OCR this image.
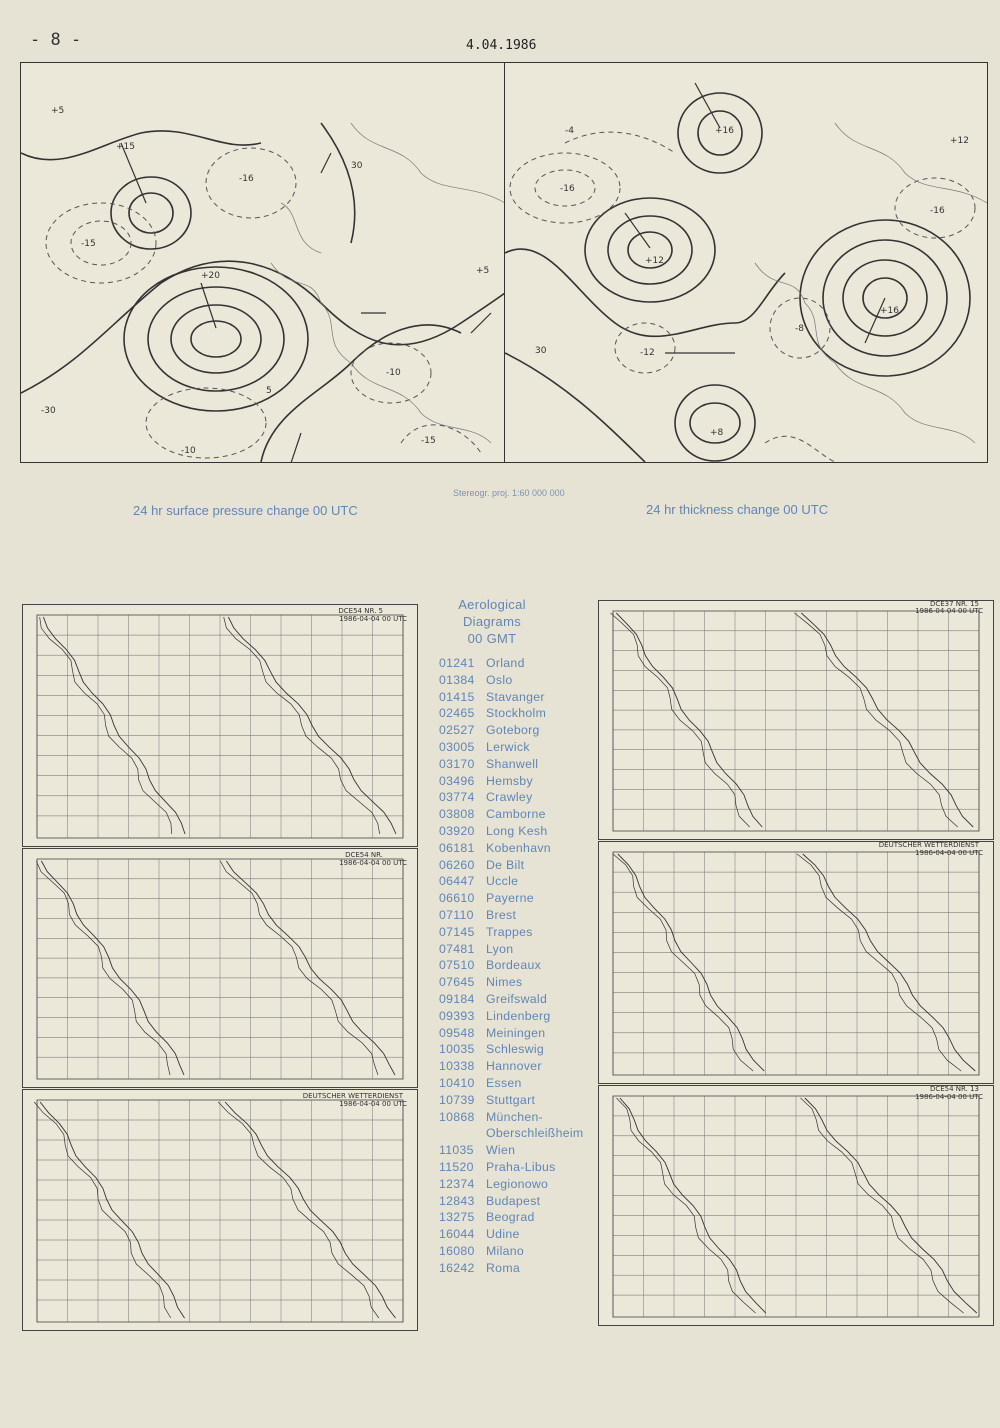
- 8 -	4.04.1986
+20
+15
+5
-15
-10
-10
-16
30
+5
5
-30
-15
+12
+16
+16
-16
-12
-8
-16
+8
30
+12
-4
Stereogr. proj. 1:60 000 000
24 hr surface pressure change 00 UTC	24 hr thickness change 00 UTC
DCE54 NR. 5
1986-04-04 00 UTC
DCE54 NR.
1986-04-04 00 UTC
DEUTSCHER WETTERDIENST
1986-04-04 00 UTC
DCE37 NR. 15
1986-04-04 00 UTC
DEUTSCHER WETTERDIENST
1986-04-04 00 UTC
DCE54 NR. 13
1986-04-04 00 UTC
Aerological
Diagrams
00 GMT
01241 Orland
01384 Oslo
01415 Stavanger
02465 Stockholm
02527 Goteborg
03005 Lerwick
03170 Shanwell
03496 Hemsby
03774 Crawley
03808 Camborne
03920 Long Kesh
06181 Kobenhavn
06260 De Bilt
06447 Uccle
06610 Payerne
07110 Brest
07145 Trappes
07481 Lyon
07510 Bordeaux
07645 Nimes
09184 Greifswald
09393 Lindenberg
09548 Meiningen
10035 Schleswig
10338 Hannover
10410 Essen
10739 Stuttgart
10868 München-
Oberschleißheim
11035 Wien
11520 Praha-Libus
12374 Legionowo
12843 Budapest
13275 Beograd
16044 Udine
16080 Milano
16242 Roma
